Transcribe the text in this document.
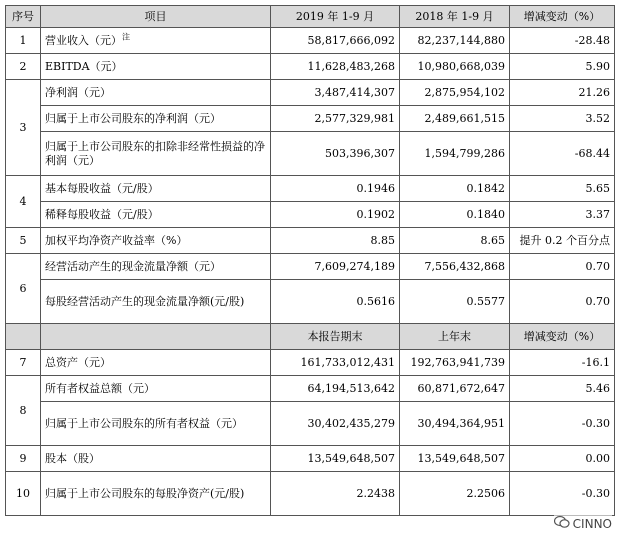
序号	项目	2019 年 1-9 月	2018 年 1-9 月	增减变动（%）
1	营业收入（元）$^注$	58,817,666,092	82,237,144,880	-28.48
2	EBITDA（元）	11,628,483,268	10,980,668,039	5.90
3	净利润（元）	3,487,414,307	2,875,954,102	21.26
	归属于上市公司股东的净利润（元）	2,577,329,981	2,489,661,515	3.52
	归属于上市公司股东的扣除非经常性损益的净利润（元）	503,396,307	1,594,799,286	-68.44
4	基本每股收益（元/股）	0.1946	0.1842	5.65
	稀释每股收益（元/股）	0.1902	0.1840	3.37
5	加权平均净资产收益率（%）	8.85	8.65	提升 0.2 个百分点
6	经营活动产生的现金流量净额（元）	7,609,274,189	7,556,432,868	0.70
	每股经营活动产生的现金流量净额(元/股)	0.5616	0.5577	0.70
		本报告期末	上年末	增减变动（%）
7	总资产（元）	161,733,012,431	192,763,941,739	-16.1
8	所有者权益总额（元）	64,194,513,642	60,871,672,647	5.46
	归属于上市公司股东的所有者权益（元）	30,402,435,279	30,494,364,951	-0.30
9	股本（股）	13,549,648,507	13,549,648,507	0.00
10	归属于上市公司股东的每股净资产(元/股)	2.2438	2.2506	-0.30
CINNO
